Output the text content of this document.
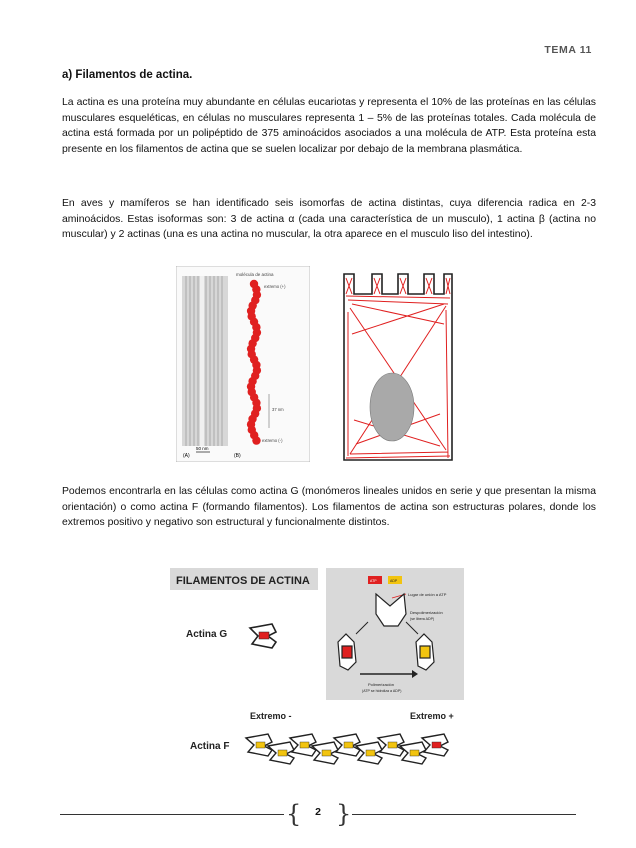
TEMA 11
a) Filamentos de actina.

La actina es una proteína muy abundante en células eucariotas y representa el 10% de las proteínas en las células musculares esqueléticas, en células no musculares representa 1 – 5% de las proteínas totales. Cada molécula de actina está formada por un polipéptido de 375 aminoácidos asociados a una molécula de ATP. Esta proteína esta presente en los filamentos de actina que se suelen localizar por debajo de la membrana plasmática.

En aves y mamíferos se han identificado seis isomorfas de actina distintas, cuya diferencia radica en 2-3 aminoácidos. Estas isoformas son: 3 de actina α (cada una característica de un musculo), 1 actina β (actina no muscular) y 2 actinas (una es una actina no muscular, la otra aparece en el musculo liso del intestino).

(A)
50 nm
(B)
molécula de actina
extremo (+)
extremo (-)
37 nm

Podemos encontrarla en las células como actina G (monómeros lineales unidos en serie y que presentan la misma orientación) o como actina F (formando filamentos). Los filamentos de actina son estructuras polares, donde los extremos positivo y negativo son estructural y funcionalmente distintos.

FILAMENTOS DE ACTINA
Actina G
ATP	ADP
Lugar de unión a ATP
Despolimerización
(se libera ADP)
Polimerización
(ATP se hidroliza a ADP)
Extremo -	Extremo +
Actina F
{ }
2
